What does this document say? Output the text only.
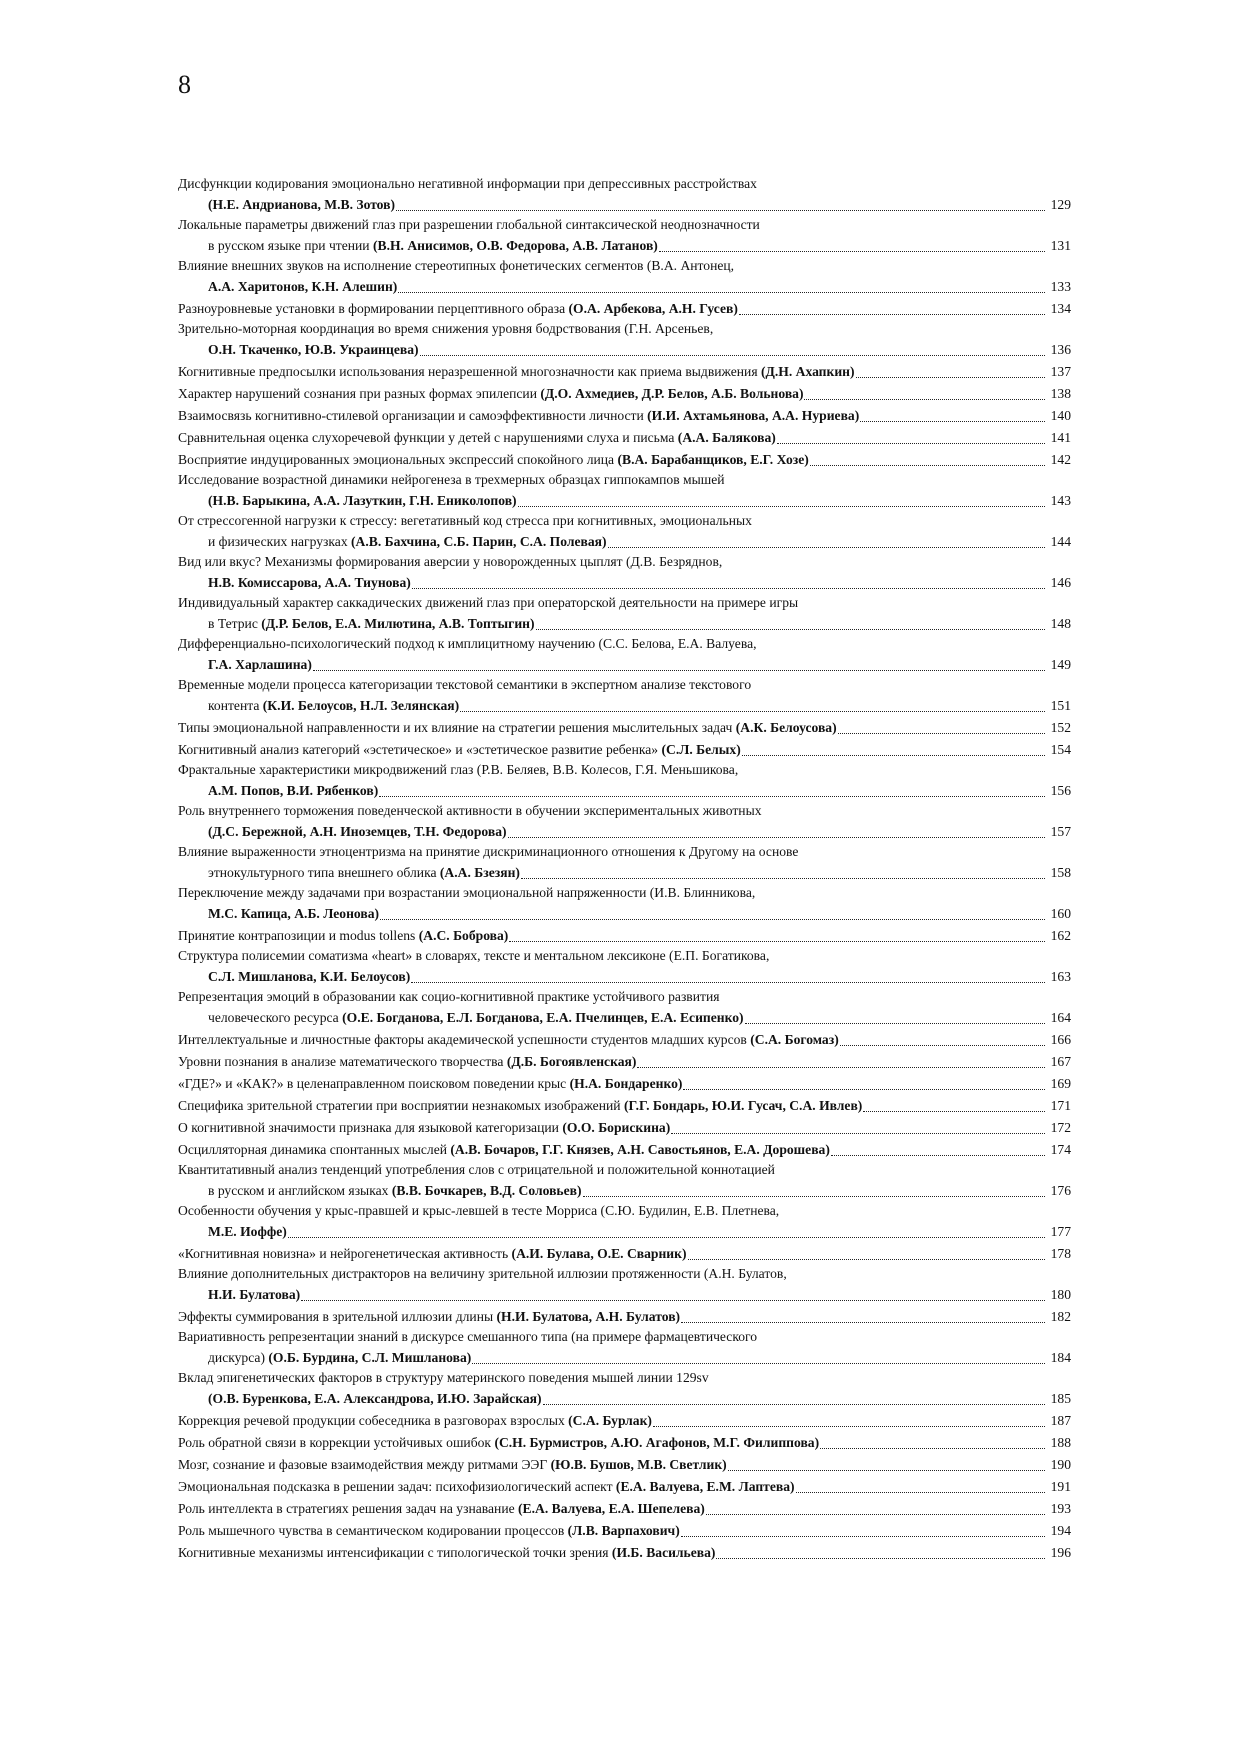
8
Дисфункции кодирования эмоционально негативной информации при депрессивных расстройствах
(Н.Е. Андрианова, М.В. Зотов)	129
Локальные параметры движений глаз при разрешении глобальной синтаксической неоднозначности
в русском языке при чтении (В.Н. Анисимов, О.В. Федорова, А.В. Латанов)	131
Влияние внешних звуков на исполнение стереотипных фонетических сегментов (В.А. Антонец,
А.А. Харитонов, К.Н. Алешин)	133
Разноуровневые установки в формировании перцептивного образа (О.А. Арбекова, А.Н. Гусев)	134
Зрительно-моторная координация во время снижения уровня бодрствования (Г.Н. Арсеньев,
О.Н. Ткаченко, Ю.В. Украинцева)	136
Когнитивные предпосылки использования неразрешенной многозначности как приема выдвижения (Д.Н. Ахапкин)	137
Характер нарушений сознания при разных формах эпилепсии (Д.О. Ахмедиев, Д.Р. Белов, А.Б. Вольнова)	138
Взаимосвязь когнитивно-стилевой организации и самоэффективности личности (И.И. Ахтамьянова, А.А. Нуриева)	140
Сравнительная оценка слухоречевой функции у детей с нарушениями слуха и письма (А.А. Балякова)	141
Восприятие индуцированных эмоциональных экспрессий спокойного лица (В.А. Барабанщиков, Е.Г. Хозе)	142
Исследование возрастной динамики нейрогенеза в трехмерных образцах гиппокампов мышей
(Н.В. Барыкина, А.А. Лазуткин, Г.Н. Ениколопов)	143
От стрессогенной нагрузки к стрессу: вегетативный код стресса при когнитивных, эмоциональных
и физических нагрузках (А.В. Бахчина, С.Б. Парин, С.А. Полевая)	144
Вид или вкус? Механизмы формирования аверсии у новорожденных цыплят (Д.В. Безряднов,
Н.В. Комиссарова, А.А. Тиунова)	146
Индивидуальный характер саккадических движений глаз при операторской деятельности на примере игры
в Тетрис (Д.Р. Белов, Е.А. Милютина, А.В. Топтыгин)	148
Дифференциально-психологический подход к имплицитному научению (С.С. Белова, Е.А. Валуева,
Г.А. Харлашина)	149
Временные модели процесса категоризации текстовой семантики в экспертном анализе текстового
контента (К.И. Белоусов, Н.Л. Зелянская)	151
Типы эмоциональной направленности и их влияние на стратегии решения мыслительных задач (А.К. Белоусова)	152
Когнитивный анализ категорий «эстетическое» и «эстетическое развитие ребенка» (С.Л. Белых)	154
Фрактальные характеристики микродвижений глаз (Р.В. Беляев, В.В. Колесов, Г.Я. Меньшикова,
А.М. Попов, В.И. Рябенков)	156
Роль внутреннего торможения поведенческой активности в обучении экспериментальных животных
(Д.С. Бережной, А.Н. Иноземцев, Т.Н. Федорова)	157
Влияние выраженности этноцентризма на принятие дискриминационного отношения к Другому на основе
этнокультурного типа внешнего облика (А.А. Бзезян)	158
Переключение между задачами при возрастании эмоциональной напряженности (И.В. Блинникова,
М.С. Капица, А.Б. Леонова)	160
Принятие контрапозиции и modus tollens (А.С. Боброва)	162
Структура полисемии соматизма «heart» в словарях, тексте и ментальном лексиконе (Е.П. Богатикова,
С.Л. Мишланова, К.И. Белоусов)	163
Репрезентация эмоций в образовании как социо-когнитивной практике устойчивого развития
человеческого ресурса (О.Е. Богданова, Е.Л. Богданова, Е.А. Пчелинцев, Е.А. Есипенко)	164
Интеллектуальные и личностные факторы академической успешности студентов младших курсов (С.А. Богомаз)	166
Уровни познания в анализе математического творчества (Д.Б. Богоявленская)	167
«ГДЕ?» и «КАК?» в целенаправленном поисковом поведении крыс (Н.А. Бондаренко)	169
Специфика зрительной стратегии при восприятии незнакомых изображений (Г.Г. Бондарь, Ю.И. Гусач, С.А. Ивлев)	171
О когнитивной значимости признака для языковой категоризации (О.О. Борискина)	172
Осцилляторная динамика спонтанных мыслей (А.В. Бочаров, Г.Г. Князев, А.Н. Савостьянов, Е.А. Дорошева)	174
Квантитативный анализ тенденций употребления слов с отрицательной и положительной коннотацией
в русском и английском языках (В.В. Бочкарев, В.Д. Соловьев)	176
Особенности обучения у крыс-правшей и крыс-левшей в тесте Морриса (С.Ю. Будилин, Е.В. Плетнева,
М.Е. Иоффе)	177
«Когнитивная новизна» и нейрогенетическая активность (А.И. Булава, О.Е. Сварник)	178
Влияние дополнительных дистракторов на величину зрительной иллюзии протяженности (А.Н. Булатов,
Н.И. Булатова)	180
Эффекты суммирования в зрительной иллюзии длины (Н.И. Булатова, А.Н. Булатов)	182
Вариативность репрезентации знаний в дискурсе смешанного типа (на примере фармацевтического
дискурса) (О.Б. Бурдина, С.Л. Мишланова)	184
Вклад эпигенетических факторов в структуру материнского поведения мышей линии 129sv
(О.В. Буренкова, Е.А. Александрова, И.Ю. Зарайская)	185
Коррекция речевой продукции собеседника в разговорах взрослых (С.А. Бурлак)	187
Роль обратной связи в коррекции устойчивых ошибок (С.Н. Бурмистров, А.Ю. Агафонов, М.Г. Филиппова)	188
Мозг, сознание и фазовые взаимодействия между ритмами ЭЭГ (Ю.В. Бушов, М.В. Светлик)	190
Эмоциональная подсказка в решении задач: психофизиологический аспект (Е.А. Валуева, Е.М. Лаптева)	191
Роль интеллекта в стратегиях решения задач на узнавание (Е.А. Валуева, Е.А. Шепелева)	193
Роль мышечного чувства в семантическом кодировании процессов (Л.В. Варпахович)	194
Когнитивные механизмы интенсификации с типологической точки зрения (И.Б. Васильева)	196
